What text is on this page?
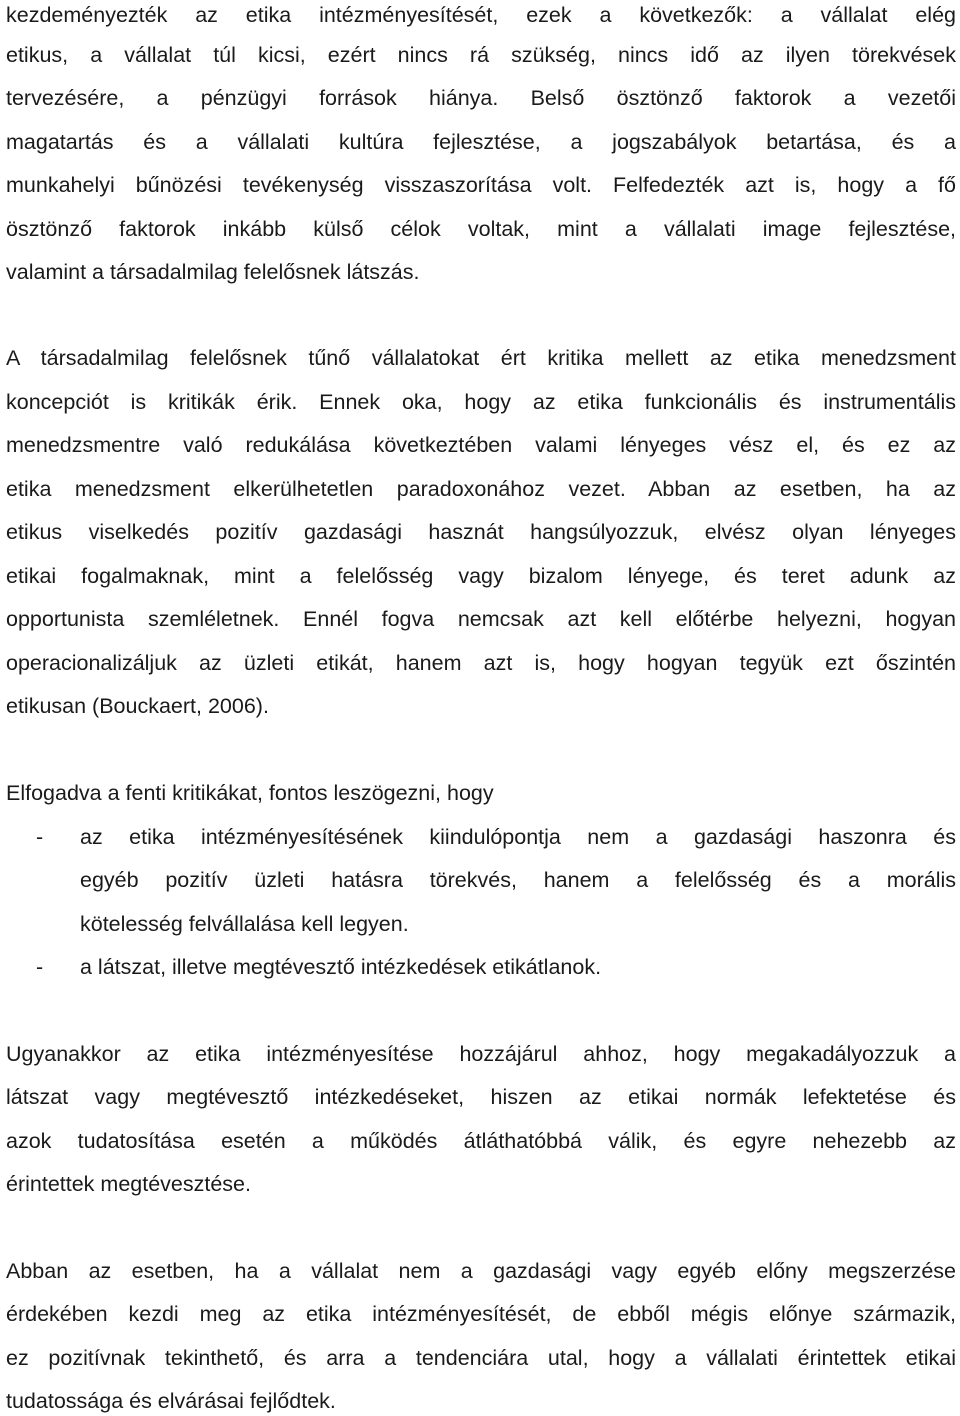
kezdeményezték az etika intézményesítését, ezek a következők: a vállalat elég
etikus, a vállalat túl kicsi, ezért nincs rá szükség, nincs idő az ilyen törekvések
tervezésére, a pénzügyi források hiánya. Belső ösztönző faktorok a vezetői
magatartás és a vállalati kultúra fejlesztése, a jogszabályok betartása, és a
munkahelyi bűnözési tevékenység visszaszorítása volt. Felfedezték azt is, hogy a fő
ösztönző faktorok inkább külső célok voltak, mint a vállalati image fejlesztése,
valamint a társadalmilag felelősnek látszás.
A társadalmilag felelősnek tűnő vállalatokat ért kritika mellett az etika menedzsment
koncepciót is kritikák érik. Ennek oka, hogy az etika funkcionális és instrumentális
menedzsmentre való redukálása következtében valami lényeges vész el, és ez az
etika menedzsment elkerülhetetlen paradoxonához vezet. Abban az esetben, ha az
etikus viselkedés pozitív gazdasági hasznát hangsúlyozzuk, elvész olyan lényeges
etikai fogalmaknak, mint a felelősség vagy bizalom lényege, és teret adunk az
opportunista szemléletnek. Ennél fogva nemcsak azt kell előtérbe helyezni, hogyan
operacionalizáljuk az üzleti etikát, hanem azt is, hogy hogyan tegyük ezt őszintén
etikusan (Bouckaert, 2006).
Elfogadva a fenti kritikákat, fontos leszögezni, hogy
-	az etika intézményesítésének kiindulópontja nem a gazdasági haszonra és
egyéb pozitív üzleti hatásra törekvés, hanem a felelősség és a morális
kötelesség felvállalása kell legyen.
-	a látszat, illetve megtévesztő intézkedések etikátlanok.
Ugyanakkor az etika intézményesítése hozzájárul ahhoz, hogy megakadályozzuk a
látszat vagy megtévesztő intézkedéseket, hiszen az etikai normák lefektetése és
azok tudatosítása esetén a működés átláthatóbbá válik, és egyre nehezebb az
érintettek megtévesztése.
Abban az esetben, ha a vállalat nem a gazdasági vagy egyéb előny megszerzése
érdekében kezdi meg az etika intézményesítését, de ebből mégis előnye származik,
ez pozitívnak tekinthető, és arra a tendenciára utal, hogy a vállalati érintettek etikai
tudatossága és elvárásai fejlődtek.
